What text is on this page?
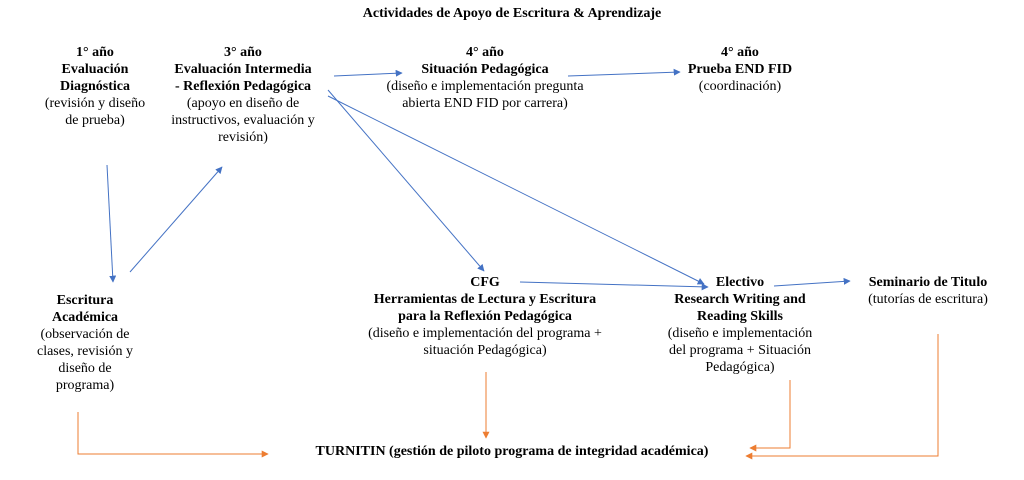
Actividades de Apoyo de Escritura & Aprendizaje
1° año
Evaluación
Diagnóstica
(revisión y diseño
de prueba)
3° año
Evaluación Intermedia
- Reflexión Pedagógica
(apoyo en diseño de
instructivos, evaluación y
revisión)
4° año
Situación Pedagógica
(diseño e implementación pregunta
abierta END FID por carrera)
4° año
Prueba END FID
(coordinación)
Escritura
Académica
(observación de
clases, revisión y
diseño de
programa)
CFG
Herramientas de Lectura y Escritura
para la Reflexión Pedagógica
(diseño e implementación del programa +
situación Pedagógica)
Electivo
Research Writing and
Reading Skills
(diseño e implementación
del programa + Situación
Pedagógica)
Seminario de Titulo
(tutorías de escritura)
TURNITIN (gestión de piloto programa de integridad académica)
